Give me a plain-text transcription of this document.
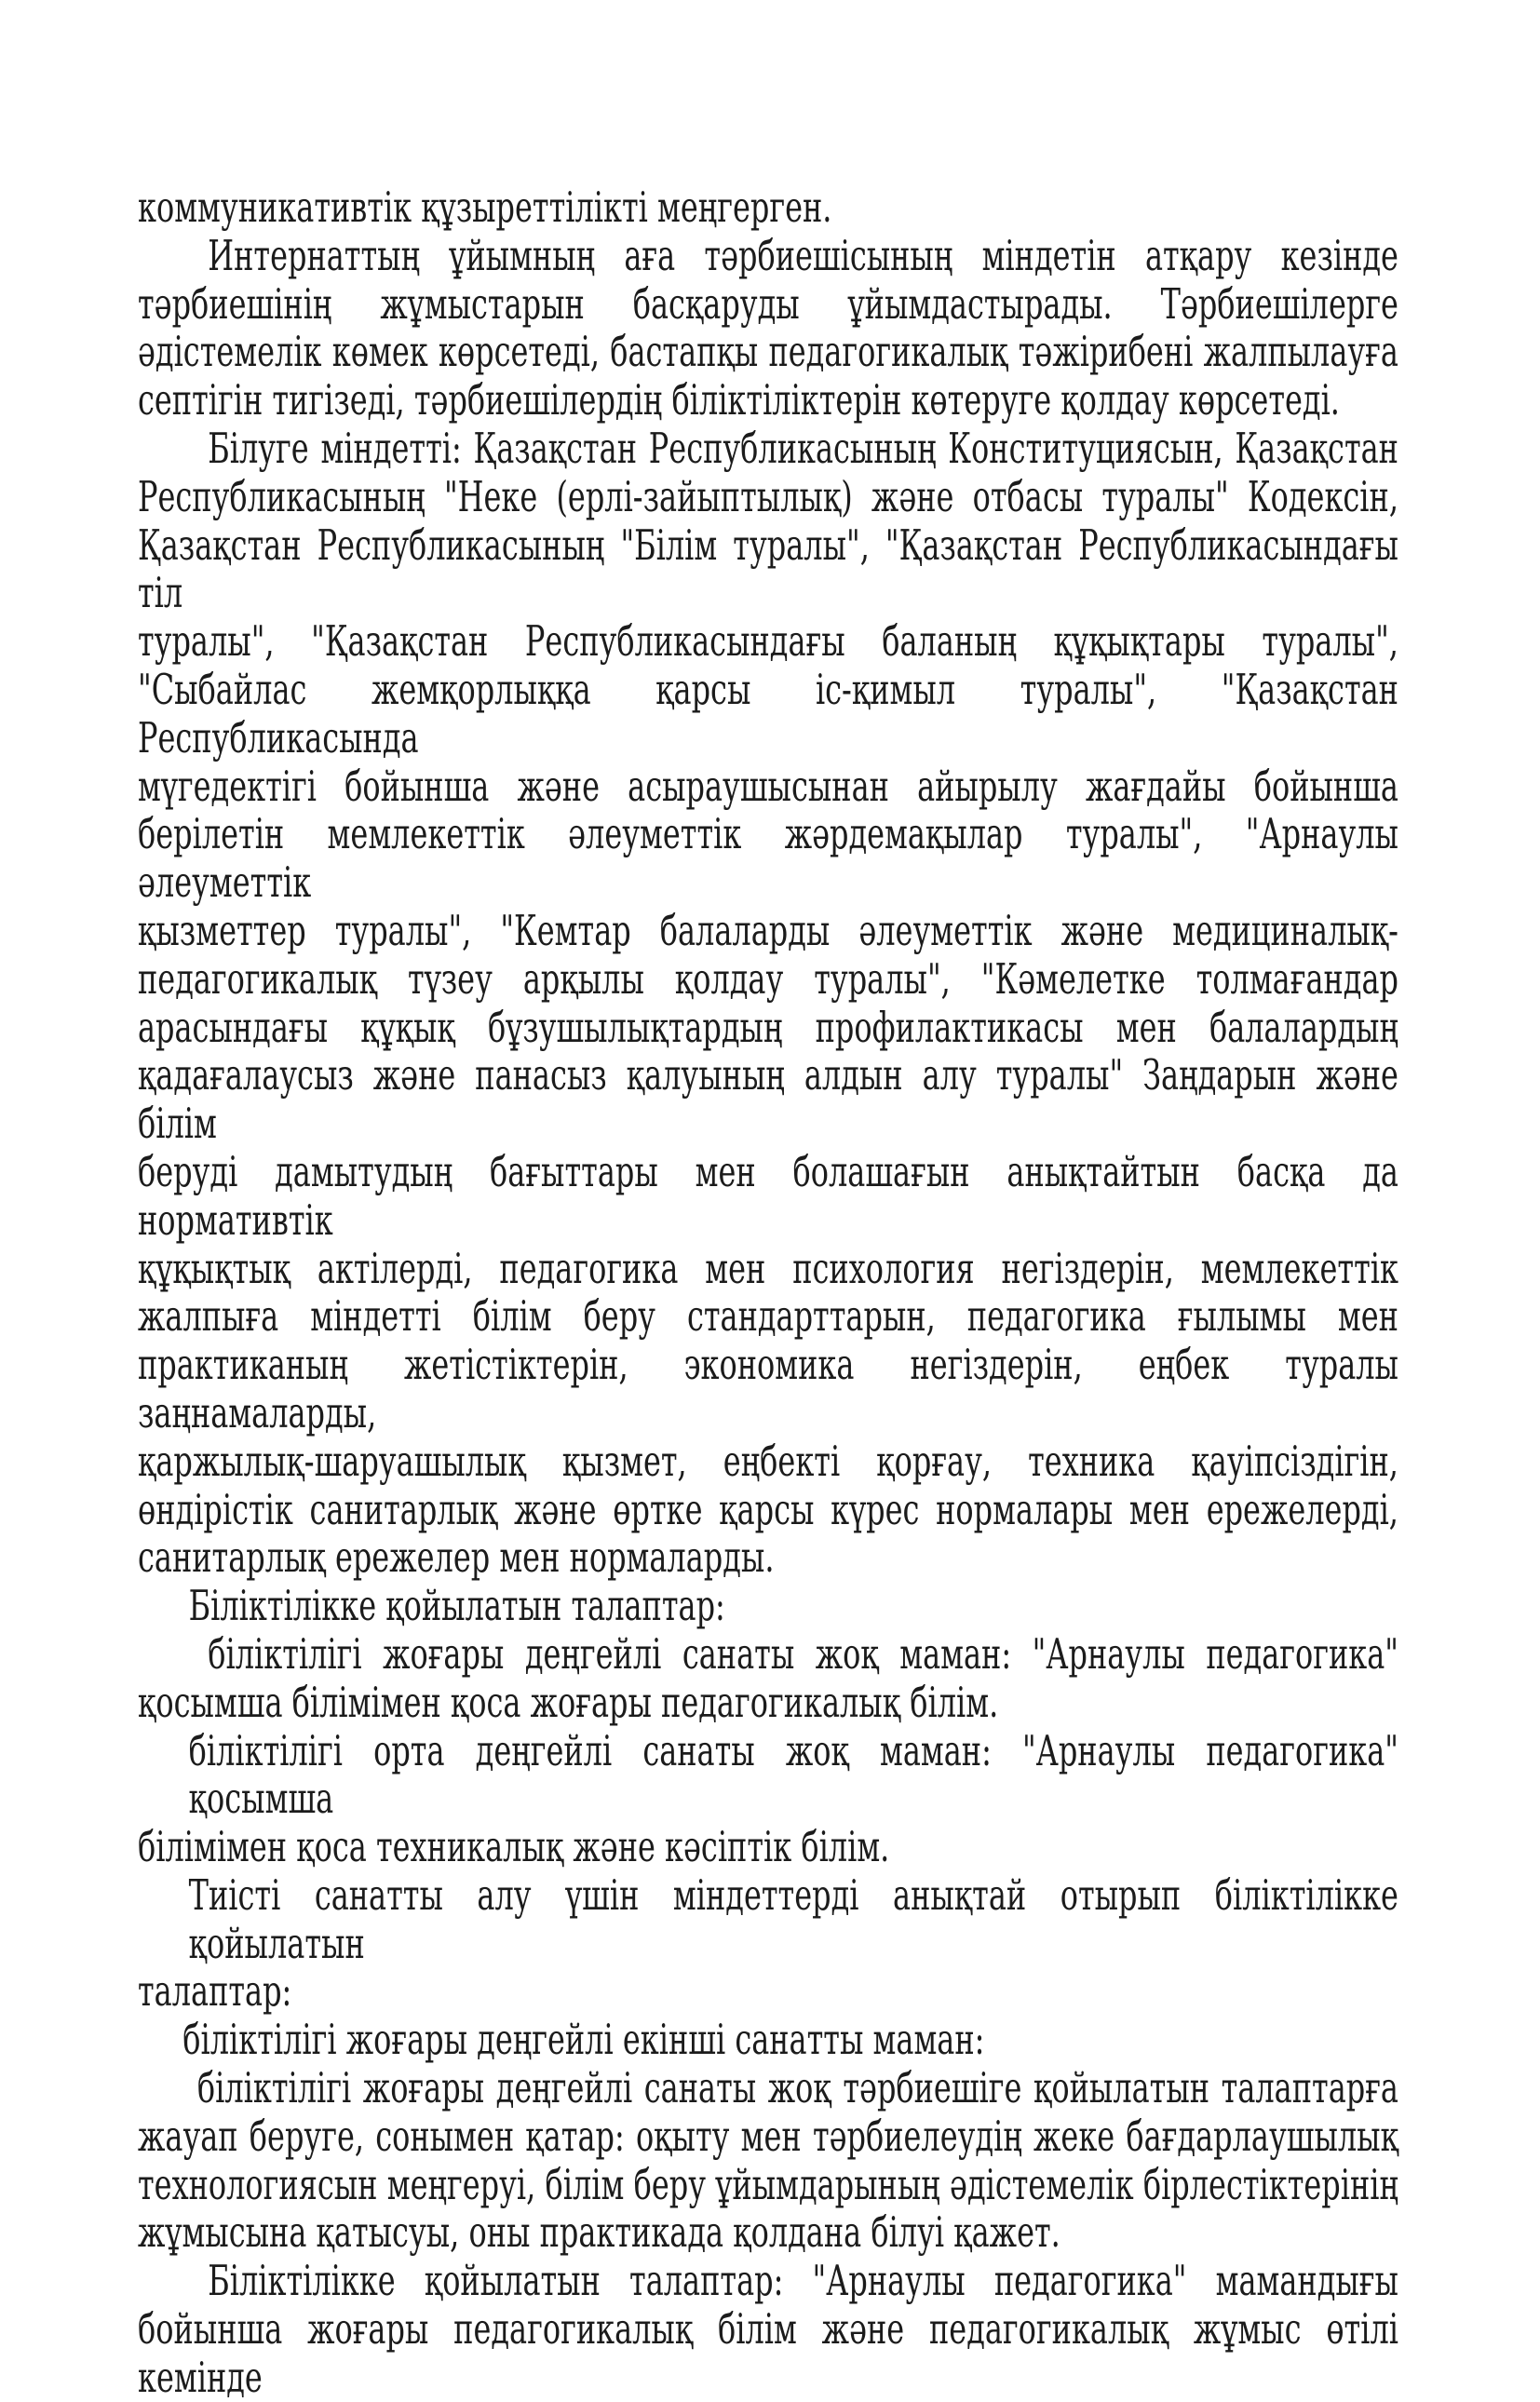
коммуникативтік құзыреттілікті меңгерген.
Интернаттың ұйымның аға тәрбиешісының міндетін атқару кезінде
тәрбиешінің жұмыстарын басқаруды ұйымдастырады. Тәрбиешілерге
әдістемелік көмек көрсетеді, бастапқы педагогикалық тәжірибені жалпылауға
септігін тигізеді, тәрбиешілердің біліктіліктерін көтеруге қолдау көрсетеді.
Білуге міндетті: Қазақстан Республикасының Конституциясын, Қазақстан
Республикасының "Неке (ерлі-зайыптылық) және отбасы туралы" Кодексін,
Қазақстан Республикасының "Білім туралы", "Қазақстан Республикасындағы тіл
туралы", "Қазақстан Республикасындағы баланың құқықтары туралы",
"Сыбайлас жемқорлыққа қарсы іс-қимыл туралы", "Қазақстан Республикасында
мүгедектігі бойынша және асыраушысынан айырылу жағдайы бойынша
берілетін мемлекеттік әлеуметтік жәрдемақылар туралы", "Арнаулы әлеуметтік
қызметтер туралы", "Кемтар балаларды әлеуметтік және медициналық-
педагогикалық түзеу арқылы қолдау туралы", "Кәмелетке толмағандар
арасындағы құқық бұзушылықтардың профилактикасы мен балалардың
қадағалаусыз және панасыз қалуының алдын алу туралы" Заңдарын және білім
беруді дамытудың бағыттары мен болашағын анықтайтын басқа да нормативтік
құқықтық актілерді, педагогика мен психология негіздерін, мемлекеттік
жалпыға міндетті білім беру стандарттарын, педагогика ғылымы мен
практиканың жетістіктерін, экономика негіздерін, еңбек туралы заңнамаларды,
қаржылық-шаруашылық қызмет, еңбекті қорғау, техника қауіпсіздігін,
өндірістік санитарлық және өртке қарсы күрес нормалары мен ережелерді,
санитарлық ережелер мен нормаларды.
Біліктілікке қойылатын талаптар:
біліктілігі жоғары деңгейлі санаты жоқ маман: "Арнаулы педагогика"
қосымша білімімен қоса жоғары педагогикалық білім.
біліктілігі орта деңгейлі санаты жоқ маман: "Арнаулы педагогика" қосымша
білімімен қоса техникалық және кәсіптік білім.
Тиісті санатты алу үшін міндеттерді анықтай отырып біліктілікке қойылатын
талаптар:
біліктілігі жоғары деңгейлі екінші санатты маман:
біліктілігі жоғары деңгейлі санаты жоқ тәрбиешіге қойылатын талаптарға
жауап беруге, сонымен қатар: оқыту мен тәрбиелеудің жеке бағдарлаушылық
технологиясын меңгеруі, білім беру ұйымдарының әдістемелік бірлестіктерінің
жұмысына қатысуы, оны практикада қолдана білуі қажет.
Біліктілікке қойылатын талаптар: "Арнаулы педагогика" мамандығы
бойынша жоғары педагогикалық білім және педагогикалық жұмыс өтілі кемінде
